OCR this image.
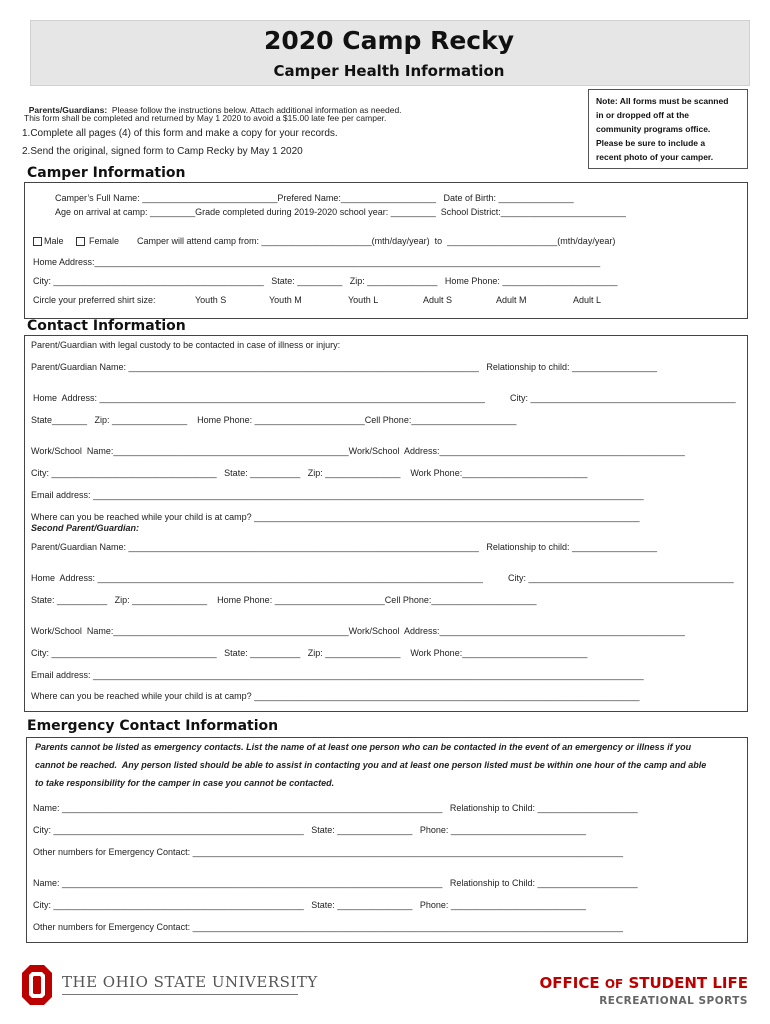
2020 Camp Recky
Camper Health Information

Parents/Guardians: Please follow the instructions below. Attach additional information as needed.

This form shall be completed and returned by May 1 2020 to avoid a $15.00 late fee per camper.
1.Complete all pages (4) of this form and make a copy for your records.
2.Send the original, signed form to Camp Recky by May 1 2020
Note: All forms must be scanned
in or dropped off at the
community programs office.
Please be sure to include a
recent photo of your camper.
Camper Information
Camper’s Full Name: ___________________________Prefered Name:___________________   Date of Birth: _______________
Age on arrival at camp: _________Grade completed during 2019-2020 school year: _________  School District:_________________________
Male	Female Camper will attend camp from: ______________________(mth/day/year)  to  ______________________(mth/day/year)
Home Address:_____________________________________________________________________________________________________
City: __________________________________________   State: _________   Zip: ______________   Home Phone: _______________________
Circle your preferred shirt size:	Youth S	Youth M	Youth L	Adult S	Adult M	Adult L
Contact Information
Parent/Guardian with legal custody to be contacted in case of illness or injury:
Parent/Guardian Name: ______________________________________________________________________   Relationship to child: _________________
Home  Address: _____________________________________________________________________________          City: _________________________________________
State_______   Zip: _______________    Home Phone: ______________________Cell Phone:_____________________
Work/School  Name:_______________________________________________Work/School  Address:_________________________________________________
City: _________________________________   State: __________   Zip: _______________    Work Phone:_________________________
Email address: ______________________________________________________________________________________________________________
Where can you be reached while your child is at camp? _____________________________________________________________________________
Second Parent/Guardian:
Parent/Guardian Name: ______________________________________________________________________   Relationship to child: _________________
Home  Address: _____________________________________________________________________________          City: _________________________________________
State: __________   Zip: _______________    Home Phone: ______________________Cell Phone:_____________________
Work/School  Name:_______________________________________________Work/School  Address:_________________________________________________
City: _________________________________   State: __________   Zip: _______________    Work Phone:_________________________
Email address: ______________________________________________________________________________________________________________
Where can you be reached while your child is at camp? _____________________________________________________________________________
Emergency Contact Information
Parents cannot be listed as emergency contacts. List the name of at least one person who can be contacted in the event of an emergency or illness if you
cannot be reached.  Any person listed should be able to assist in contacting you and at least one person listed must be within one hour of the camp and able
to take responsibility for the camper in case you cannot be contacted.
Name: ____________________________________________________________________________   Relationship to Child: ____________________
City: __________________________________________________   State: _______________   Phone: ___________________________
Other numbers for Emergency Contact: ______________________________________________________________________________________
Name: ____________________________________________________________________________   Relationship to Child: ____________________
City: __________________________________________________   State: _______________   Phone: ___________________________
Other numbers for Emergency Contact: ______________________________________________________________________________________
THE OHIO STATE UNIVERSITY	OFFICE OF STUDENT LIFE
RECREATIONAL SPORTS
